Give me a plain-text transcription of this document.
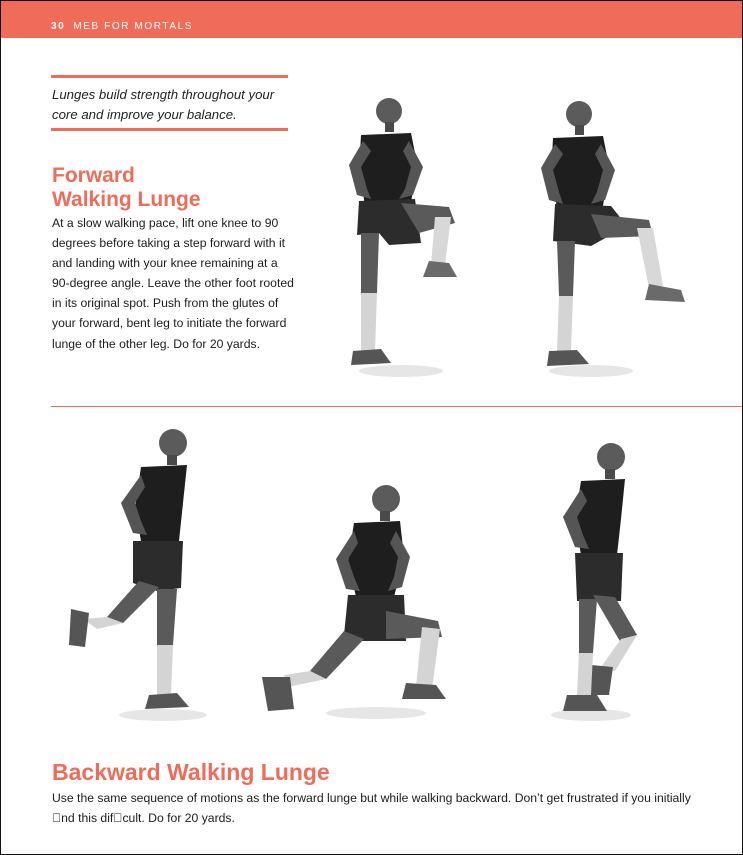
30 MEB FOR MORTALS
Lunges build strength throughout your core and improve your balance.
Forward
Walking Lunge
At a slow walking pace, lift one knee to 90 degrees before taking a step forward with it and landing with your knee remaining at a 90-degree angle. Leave the other foot rooted in its original spot. Push from the glutes of your forward, bent leg to initiate the forward lunge of the other leg. Do for 20 yards.
Backward Walking Lunge
Use the same sequence of motions as the forward lunge but while walking backward. Don’t get frustrated if you initially  nd this dif cult. Do for 20 yards.
